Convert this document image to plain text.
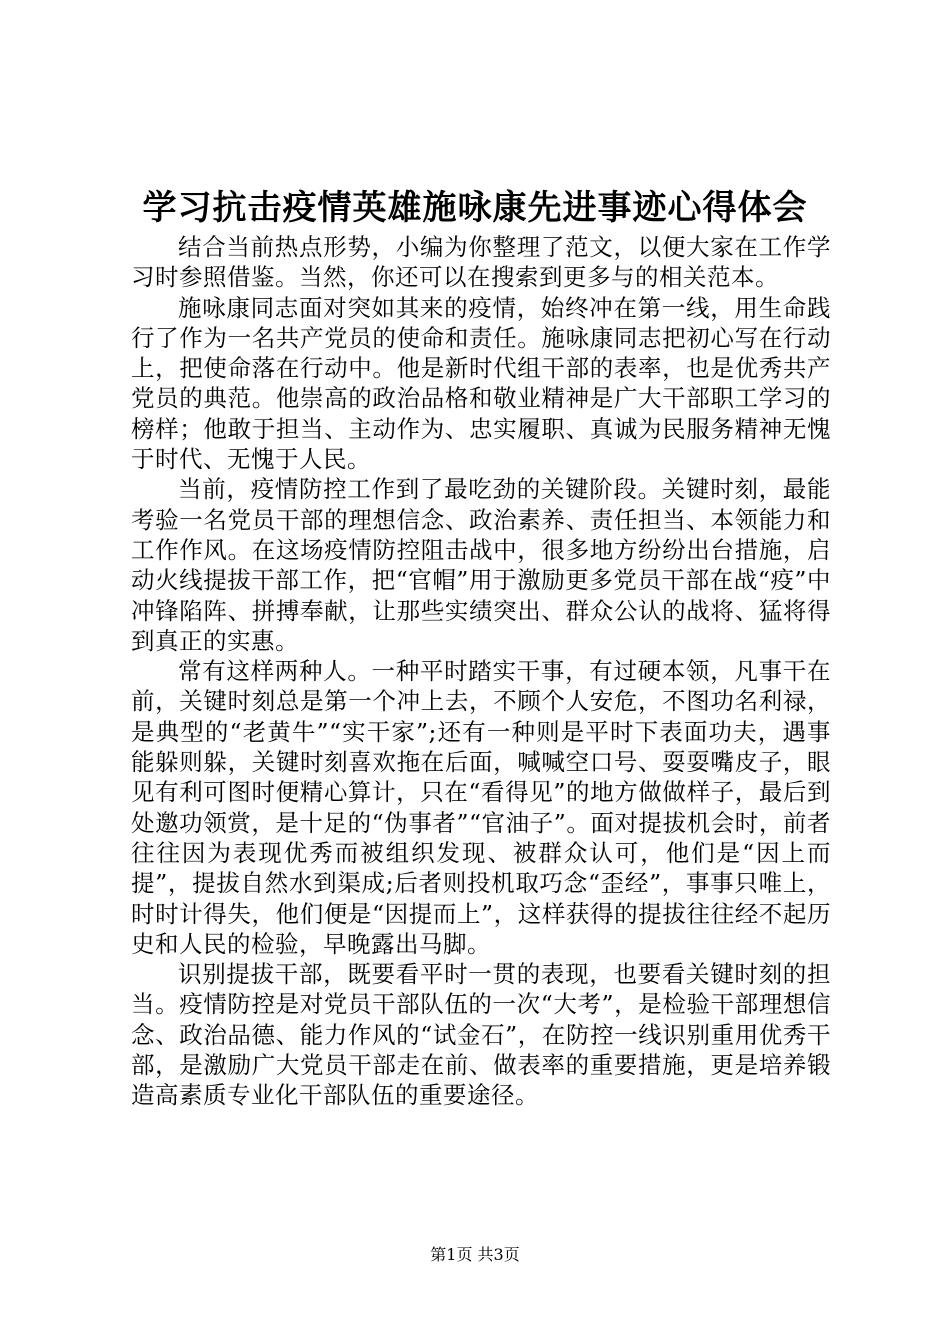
学习抗击疫情英雄施咏康先进事迹心得体会

结合当前热点形势，小编为你整理了范文，以便大家在工作学习时参照借鉴。当然，你还可以在搜索到更多与的相关范本。

施咏康同志面对突如其来的疫情，始终冲在第一线，用生命践行了作为一名共产党员的使命和责任。施咏康同志把初心写在行动上，把使命落在行动中。他是新时代组干部的表率，也是优秀共产党员的典范。他崇高的政治品格和敬业精神是广大干部职工学习的榜样；他敢于担当、主动作为、忠实履职、真诚为民服务精神无愧于时代、无愧于人民。

当前，疫情防控工作到了最吃劲的关键阶段。关键时刻，最能考验一名党员干部的理想信念、政治素养、责任担当、本领能力和工作作风。在这场疫情防控阻击战中，很多地方纷纷出台措施，启动火线提拔干部工作，把“官帽”用于激励更多党员干部在战“疫”中冲锋陷阵、拼搏奉献，让那些实绩突出、群众公认的战将、猛将得到真正的实惠。

常有这样两种人。一种平时踏实干事，有过硬本领，凡事干在前，关键时刻总是第一个冲上去，不顾个人安危，不图功名利禄，是典型的“老黄牛”“实干家”;还有一种则是平时下表面功夫，遇事能躲则躲，关键时刻喜欢拖在后面，喊喊空口号、耍耍嘴皮子，眼见有利可图时便精心算计，只在“看得见”的地方做做样子，最后到处邀功领赏，是十足的“伪事者”“官油子”。面对提拔机会时，前者往往因为表现优秀而被组织发现、被群众认可，他们是“因上而提”，提拔自然水到渠成;后者则投机取巧念“歪经”，事事只唯上，时时计得失，他们便是“因提而上”，这样获得的提拔往往经不起历史和人民的检验，早晚露出马脚。

识别提拔干部，既要看平时一贯的表现，也要看关键时刻的担当。疫情防控是对党员干部队伍的一次“大考”，是检验干部理想信念、政治品德、能力作风的“试金石”，在防控一线识别重用优秀干部，是激励广大党员干部走在前、做表率的重要措施，更是培养锻造高素质专业化干部队伍的重要途径。

第1页 共3页
